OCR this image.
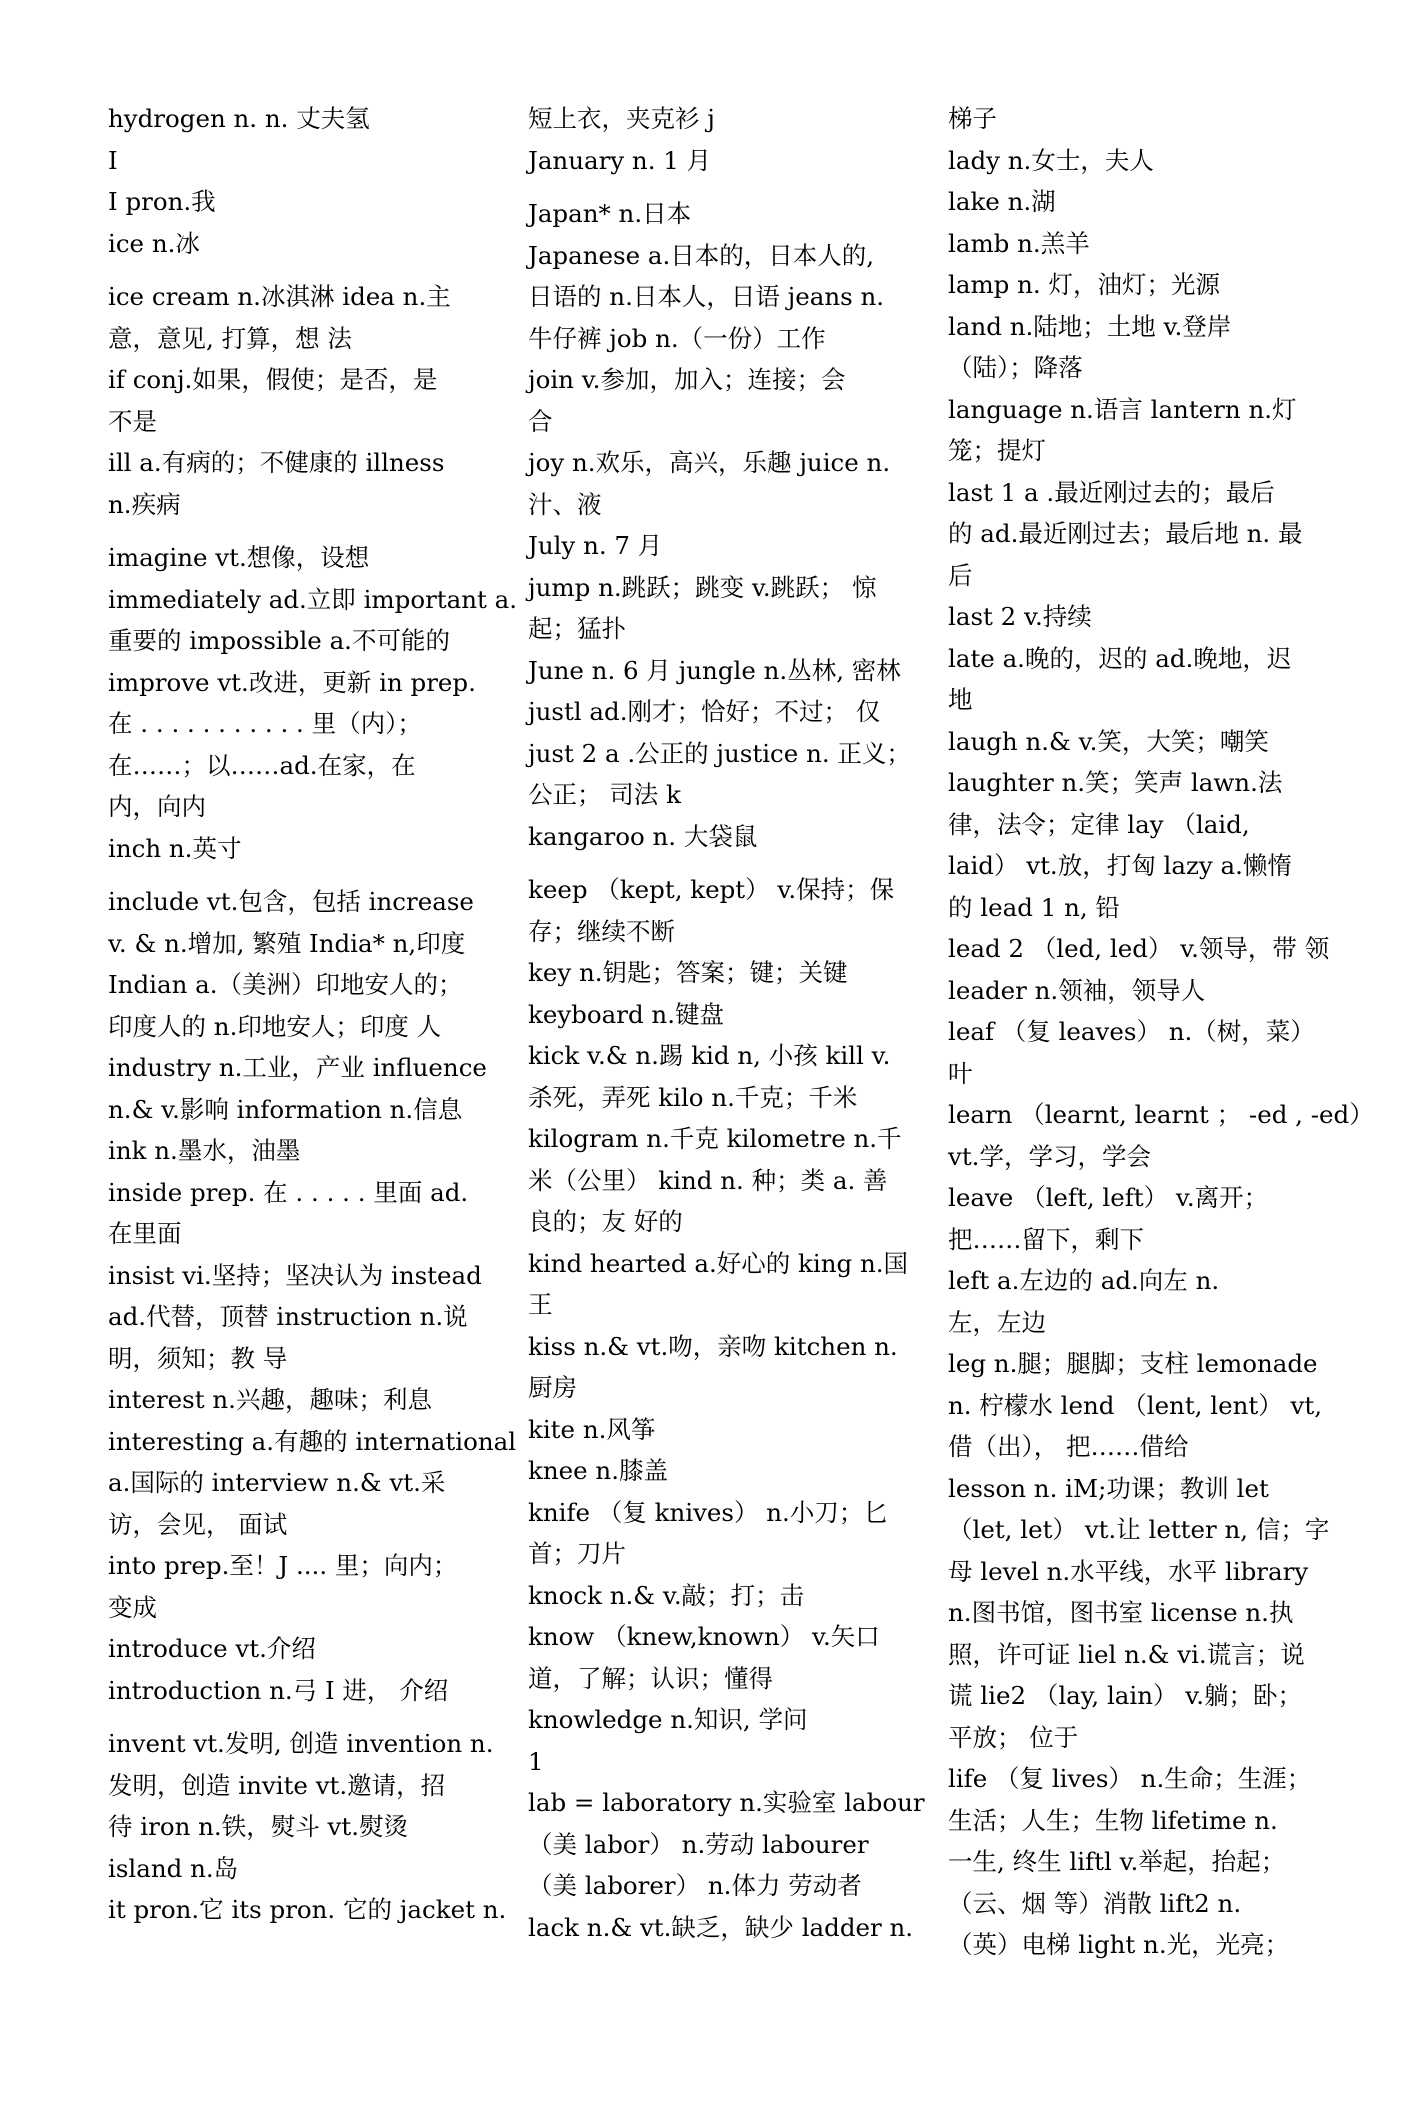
hydrogen n. n. 丈夫氢
I
I pron.我
ice n.冰
ice cream n.冰淇淋 idea n.主
意，意见, 打算，想 法
if conj.如果，假使；是否，是
不是
ill a.有病的；不健康的 illness
n.疾病
imagine vt.想像，设想
immediately ad.立即 important a.
重要的 impossible a.不可能的
improve vt.改进，更新 in prep.
在 . . . . . . . . . . . 里（内）；
在……；以……ad.在家，在
内，向内
inch n.英寸
include vt.包含，包括 increase
v. & n.增加, 繁殖 India* n,印度
Indian a.（美洲）印地安人的；
印度人的 n.印地安人；印度 人
industry n.工业，产业 influence
n.& v.影响 information n.信息
ink n.墨水，油墨
inside prep. 在 . . . . . 里面 ad.
在里面
insist vi.坚持；坚决认为 instead
ad.代替，顶替 instruction n.说
明，须知；教 导
interest n.兴趣，趣味；利息
interesting a.有趣的 international
a.国际的 interview n.& vt.采
访，会见， 面试
into prep.至！J .... 里；向内；
变成
introduce vt.介绍
introduction n.弓 I 进， 介绍
invent vt.发明, 创造 invention n.
发明，创造 invite vt.邀请，招
待 iron n.铁，熨斗 vt.熨烫
island n.岛
it pron.它 its pron. 它的 jacket n.
短上衣，夹克衫 j
January n. 1 月
Japan* n.日本
Japanese a.日本的，日本人的,
日语的 n.日本人，日语 jeans n.
牛仔裤 job n.（一份）工作
join v.参加，加入；连接；会
合
joy n.欢乐，高兴，乐趣 juice n.
汁、液
July n. 7 月
jump n.跳跃；跳变 v.跳跃； 惊
起；猛扑
June n. 6 月 jungle n.丛林, 密林
justl ad.刚才；恰好；不过； 仅
just 2 a .公正的 justice n. 正义；
公正； 司法 k
kangaroo n. 大袋鼠
keep （kept, kept） v.保持；保
存；继续不断
key n.钥匙；答案；键；关键
keyboard n.键盘
kick v.& n.踢 kid n, 小孩 kill v.
杀死，弄死 kilo n.千克；千米
kilogram n.千克 kilometre n.千
米（公里） kind n. 种；类 a. 善
良的；友 好的
kind hearted a.好心的 king n.国
王
kiss n.& vt.吻，亲吻 kitchen n.
厨房
kite n.风筝
knee n.膝盖
knife （复 knives） n.小刀；匕
首；刀片
knock n.& v.敲；打；击
know （knew,known） v.矢口
道，了解；认识；懂得
knowledge n.知识, 学问
1
lab = laboratory n.实验室 labour
（美 labor） n.劳动 labourer
（美 laborer） n.体力 劳动者
lack n.& vt.缺乏，缺少 ladder n.
梯子
lady n.女士，夫人
lake n.湖
lamb n.羔羊
lamp n. 灯，油灯；光源
land n.陆地；土地 v.登岸
（陆）；降落
language n.语言 lantern n.灯
笼；提灯
last 1 a .最近刚过去的；最后
的 ad.最近刚过去；最后地 n. 最
后
last 2 v.持续
late a.晚的，迟的 ad.晚地，迟
地
laugh n.& v.笑，大笑；嘲笑
laughter n.笑；笑声 lawn.法
律，法令；定律 lay （laid,
laid） vt.放，打匈 lazy a.懒惰
的 lead 1 n, 铅
lead 2 （led, led） v.领导，带 领
leader n.领袖，领导人
leaf （复 leaves） n.（树，菜）
叶
learn （learnt, learnt ； -ed , -ed）
vt.学，学习，学会
leave （left, left） v.离开；
把……留下，剩下
left a.左边的 ad.向左 n.
左，左边
leg n.腿；腿脚；支柱 lemonade
n. 柠檬水 lend （lent, lent） vt,
借（出）， 把……借给
lesson n. iM;功课；教训 let
（let, let） vt.让 letter n, 信；字
母 level n.水平线，水平 library
n.图书馆，图书室 license n.执
照，许可证 liel n.& vi.谎言；说
谎 lie2 （lay, lain） v.躺；卧；
平放； 位于
life （复 lives） n.生命；生涯；
生活；人生；生物 lifetime n.
一生, 终生 liftl v.举起，抬起；
（云、烟 等）消散 lift2 n.
（英）电梯 light n.光，光亮；
